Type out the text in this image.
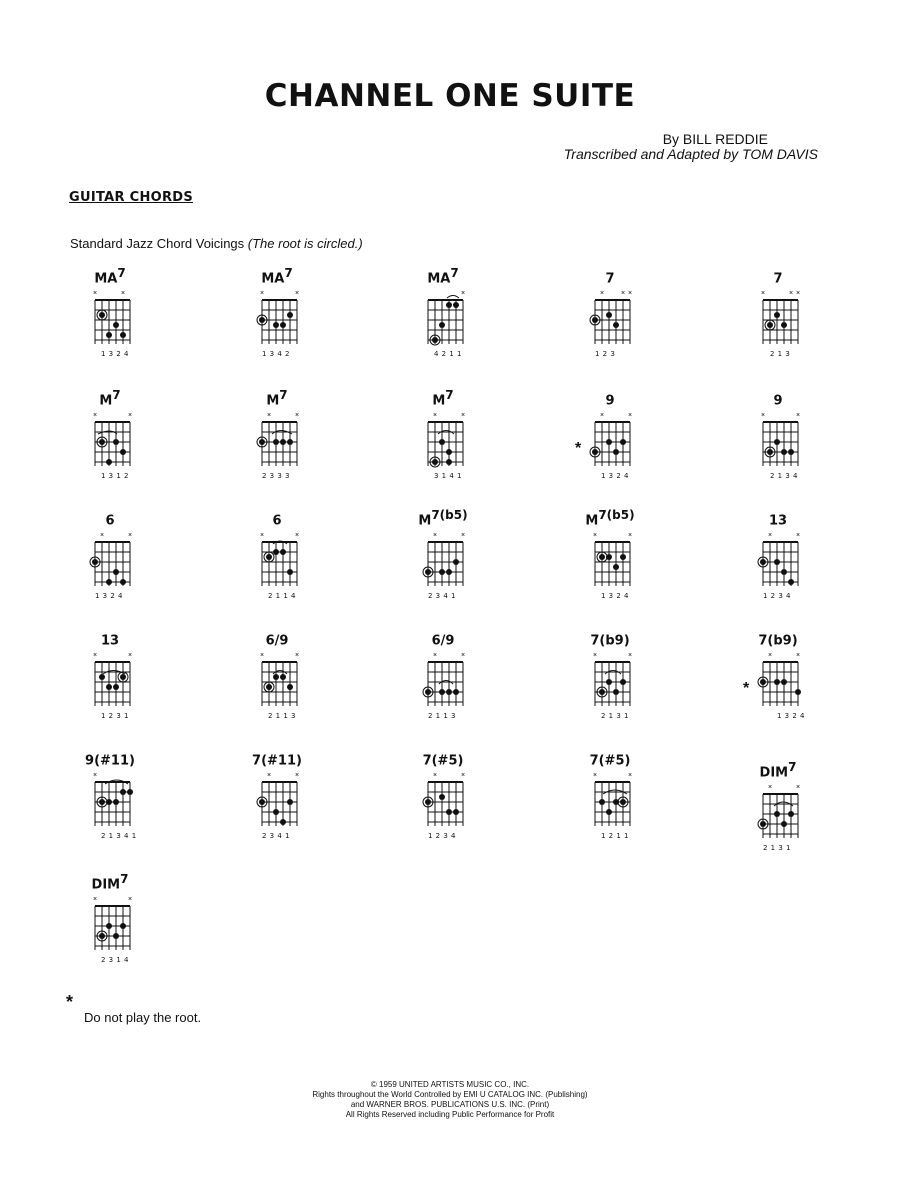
CHANNEL ONE SUITE
By BILL REDDIE
Transcribed and Adapted by TOM DAVIS
GUITAR CHORDS
Standard Jazz Chord Voicings (The root is circled.)
$MA^7$
×	×
1 3 2 4
$MA^7$
×	×
1 3 4 2
$MA^7$
×
4 2 1 1
7
× × ×
1 2 3
7
×	× ×
2 1 3
$M^7$
×	×
1 3 1 2
$M^7$
×	×
2 3 3 3
$M^7$
×	×
3 1 4 1
9
*
×	×
1 3 2 4
9
×	×
2 1 3 4
6
×	×
1 3 2 4
6
×	×
2 1 1 4
$M^{7(b5)}$
×	×
2 3 4 1
$M^{7(b5)}$
×	×
1 3 2 4
13
×	×
1 2 3 4
13
×	×
1 2 3 1
6/9
×	×
2 1 1 3
6/9
×	×
2 1 1 3
7(b9)
×	×
2 1 3 1
7(b9)
*
×	×
1 3 2 4
9(#11)
×
2 1 3 4 1
7(#11)
×	×
2 3 4 1
7(#5)
×	×
1 2 3 4
7(#5)
×	×
1 2 1 1
$DIM^7$
×	×
2 1 3 1
$DIM^7$
×	×
2 3 1 4
*
Do not play the root.
© 1959 UNITED ARTISTS MUSIC CO., INC.
Rights throughout the World Controlled by EMI U CATALOG INC. (Publishing)
and WARNER BROS. PUBLICATIONS U.S. INC. (Print)
All Rights Reserved including Public Performance for Profit
